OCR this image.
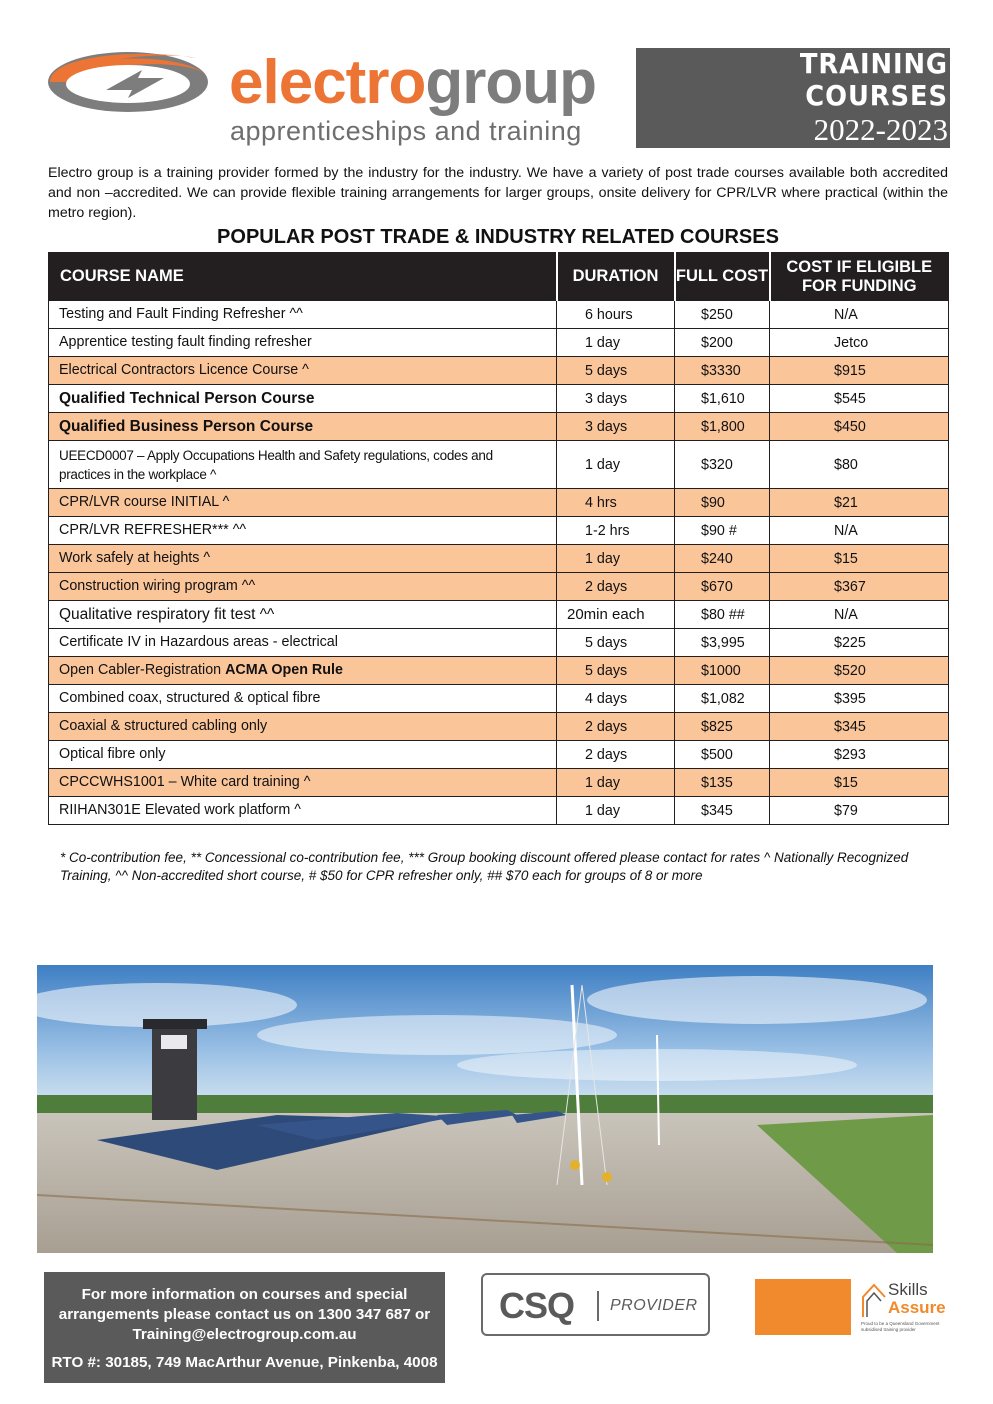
electrogroup
apprenticeships and training
TRAINING COURSES
2022-2023
Prices correct as at Sept 2022

Electro group is a training provider formed by the industry for the industry. We have a variety of post trade courses available both accredited and non –accredited. We can provide flexible training arrangements for larger groups, onsite delivery for CPR/LVR where practical (within the metro region).

POPULAR POST TRADE & INDUSTRY RELATED COURSES
COURSE NAME	DURATION	FULL COST	COST IF ELIGIBLE
FOR FUNDING
Testing and Fault Finding Refresher ^^	6 hours	$250	N/A
Apprentice testing fault finding refresher	1 day	$200	Jetco
Electrical Contractors Licence Course ^	5 days	$3330	$915
Qualified Technical Person Course	3 days	$1,610	$545
Qualified Business Person Course	3 days	$1,800	$450
UEECD0007 – Apply Occupations Health and Safety regulations, codes and practices in the workplace ^	1 day	$320	$80
CPR/LVR course INITIAL ^	4 hrs	$90	$21
CPR/LVR REFRESHER*** ^^	1-2 hrs	$90 #	N/A
Work safely at heights ^	1 day	$240	$15
Construction wiring program ^^	2 days	$670	$367
Qualitative respiratory fit test ^^	20min each	$80 ##	N/A
Certificate IV in Hazardous areas - electrical	5 days	$3,995	$225
Open Cabler-Registration ACMA Open Rule	5 days	$1000	$520
Combined coax, structured & optical fibre	4 days	$1,082	$395
Coaxial & structured cabling only	2 days	$825	$345
Optical fibre only	2 days	$500	$293
CPCCWHS1001 – White card training ^	1 day	$135	$15
RIIHAN301E Elevated work platform ^	1 day	$345	$79

* Co-contribution fee, ** Concessional co-contribution fee, *** Group booking discount offered please contact for rates ^ Nationally Recognized Training, ^^ Non-accredited short course, # $50 for CPR refresher only, ## $70 each for groups of 8 or more

For more information on courses and special
arrangements please contact us on 1300 347 687 or
Training@electrogroup.com.au
RTO #: 30185, 749 MacArthur Avenue, Pinkenba, 4008
CSQ PROVIDER
Skills
Assure
Proud to be a Queensland Government subsidised training provider
